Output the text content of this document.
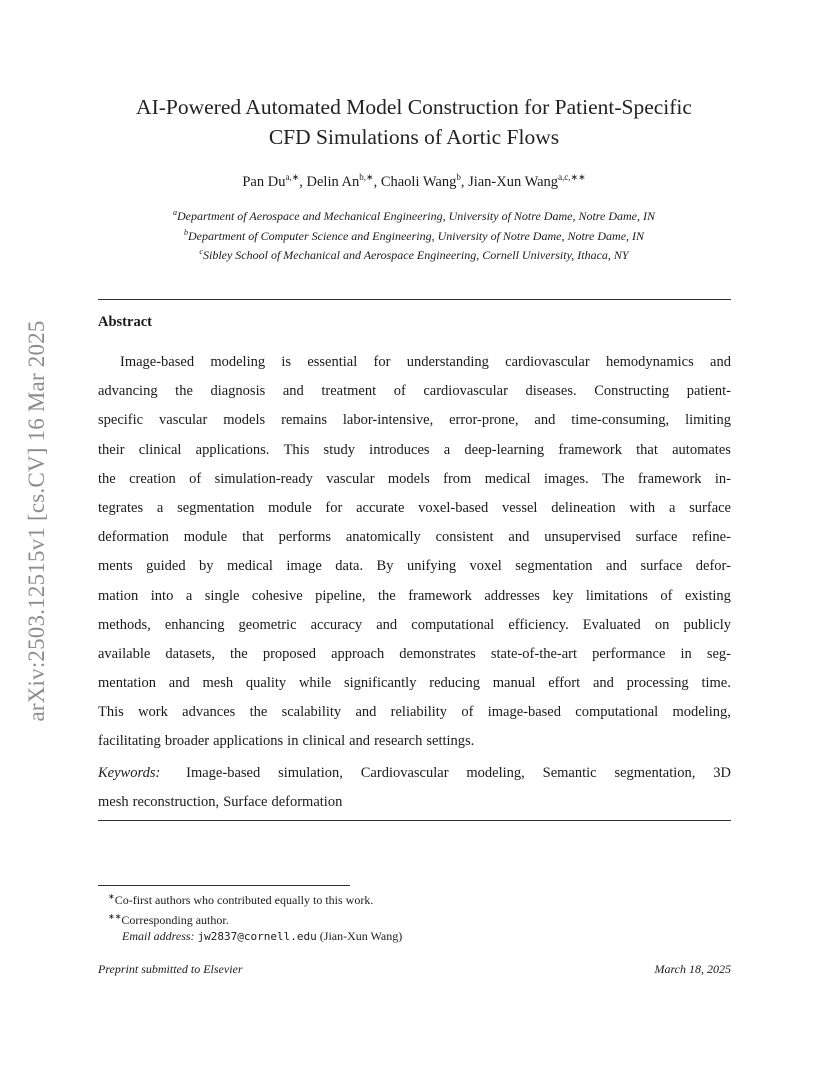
arXiv:2503.12515v1 [cs.CV] 16 Mar 2025
AI-Powered Automated Model Construction for Patient-Specific
CFD Simulations of Aortic Flows
Pan $Du^{a,∗}$, Delin $An^{b,∗}$, Chaoli Wang$^b$, Jian-Xun Wang$^{a,c,∗∗}$
$^a$Department of Aerospace and Mechanical Engineering, University of Notre Dame, Notre Dame, IN
$^b$Department of Computer Science and Engineering, University of Notre Dame, Notre Dame, IN
$^c$Sibley School of Mechanical and Aerospace Engineering, Cornell University, Ithaca, NY
Abstract
Image-based modeling is essential for understanding cardiovascular hemodynamics and
advancing the diagnosis and treatment of cardiovascular diseases. Constructing patient-
specific vascular models remains labor-intensive, error-prone, and time-consuming, limiting
their clinical applications. This study introduces a deep-learning framework that automates
the creation of simulation-ready vascular models from medical images. The framework in-
tegrates a segmentation module for accurate voxel-based vessel delineation with a surface
deformation module that performs anatomically consistent and unsupervised surface refine-
ments guided by medical image data. By unifying voxel segmentation and surface defor-
mation into a single cohesive pipeline, the framework addresses key limitations of existing
methods, enhancing geometric accuracy and computational efficiency. Evaluated on publicly
available datasets, the proposed approach demonstrates state-of-the-art performance in seg-
mentation and mesh quality while significantly reducing manual effort and processing time.
This work advances the scalability and reliability of image-based computational modeling,
facilitating broader applications in clinical and research settings.
Keywords: Image-based simulation, Cardiovascular modeling, Semantic segmentation, 3D
mesh reconstruction, Surface deformation
∗Co-first authors who contributed equally to this work.
∗∗Corresponding author.
Email address: jw2837@cornell.edu (Jian-Xun Wang)
Preprint submitted to Elsevier	March 18, 2025
